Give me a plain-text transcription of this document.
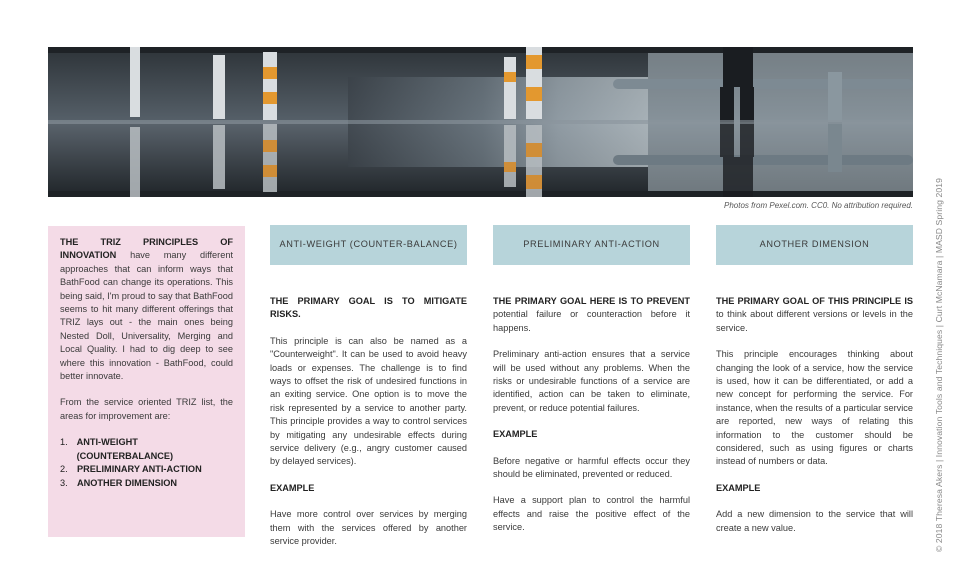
Photos from Pexel.com. CC0. No attribution required. © 2018 Theresa Akers | Innovation Tools and Techniques | Curt McNamara | MASD Spring 2019

THE TRIZ PRINCIPLES OF INNOVATION have many different approaches that can inform ways that BathFood can change its operations. This being said, I'm proud to say that BathFood seems to hit many different offerings that TRIZ lays out - the main ones being Nested Doll, Universality, Merging and Local Quality. I had to dig deep to see where this innovation - BathFood, could better innovate.

From the service oriented TRIZ list, the areas for improvement are:

1. ANTI-WEIGHT (COUNTERBALANCE)
2.	PRELIMINARY ANTI-ACTION
3.	ANOTHER DIMENSION
ANTI-WEIGHT (COUNTER-BALANCE)

THE PRIMARY GOAL IS TO MITIGATE RISKS.

This principle is can also be named as a "Counterweight". It can be used to avoid heavy loads or expenses. The challenge is to find ways to offset the risk of undesired functions in an exiting service. One option is to move the risk represented by a service to another party. This principle provides a way to control services by mitigating any undesirable effects during service delivery (e.g., angry customer caused by delayed services).

EXAMPLE

Have more control over services by merging them with the services offered by another service provider.

PRELIMINARY ANTI-ACTION

THE PRIMARY GOAL HERE IS TO PREVENT potential failure or counteraction before it happens.

Preliminary anti-action ensures that a service will be used without any problems. When the risks or undesirable functions of a service are identified, action can be taken to eliminate, prevent, or reduce potential failures.

EXAMPLE

Before negative or harmful effects occur they should be eliminated, prevented or reduced.

Have a support plan to control the harmful effects and raise the positive effect of the service.

ANOTHER DIMENSION

THE PRIMARY GOAL OF THIS PRINCIPLE IS to think about different versions or levels in the service.

This principle encourages thinking about changing the look of a service, how the service is used, how it can be differentiated, or add a new concept for performing the service. For instance, when the results of a particular service are reported, new ways of relating this information to the customer should be considered, such as using figures or charts instead of numbers or data.

EXAMPLE

Add a new dimension to the service that will create a new value.
